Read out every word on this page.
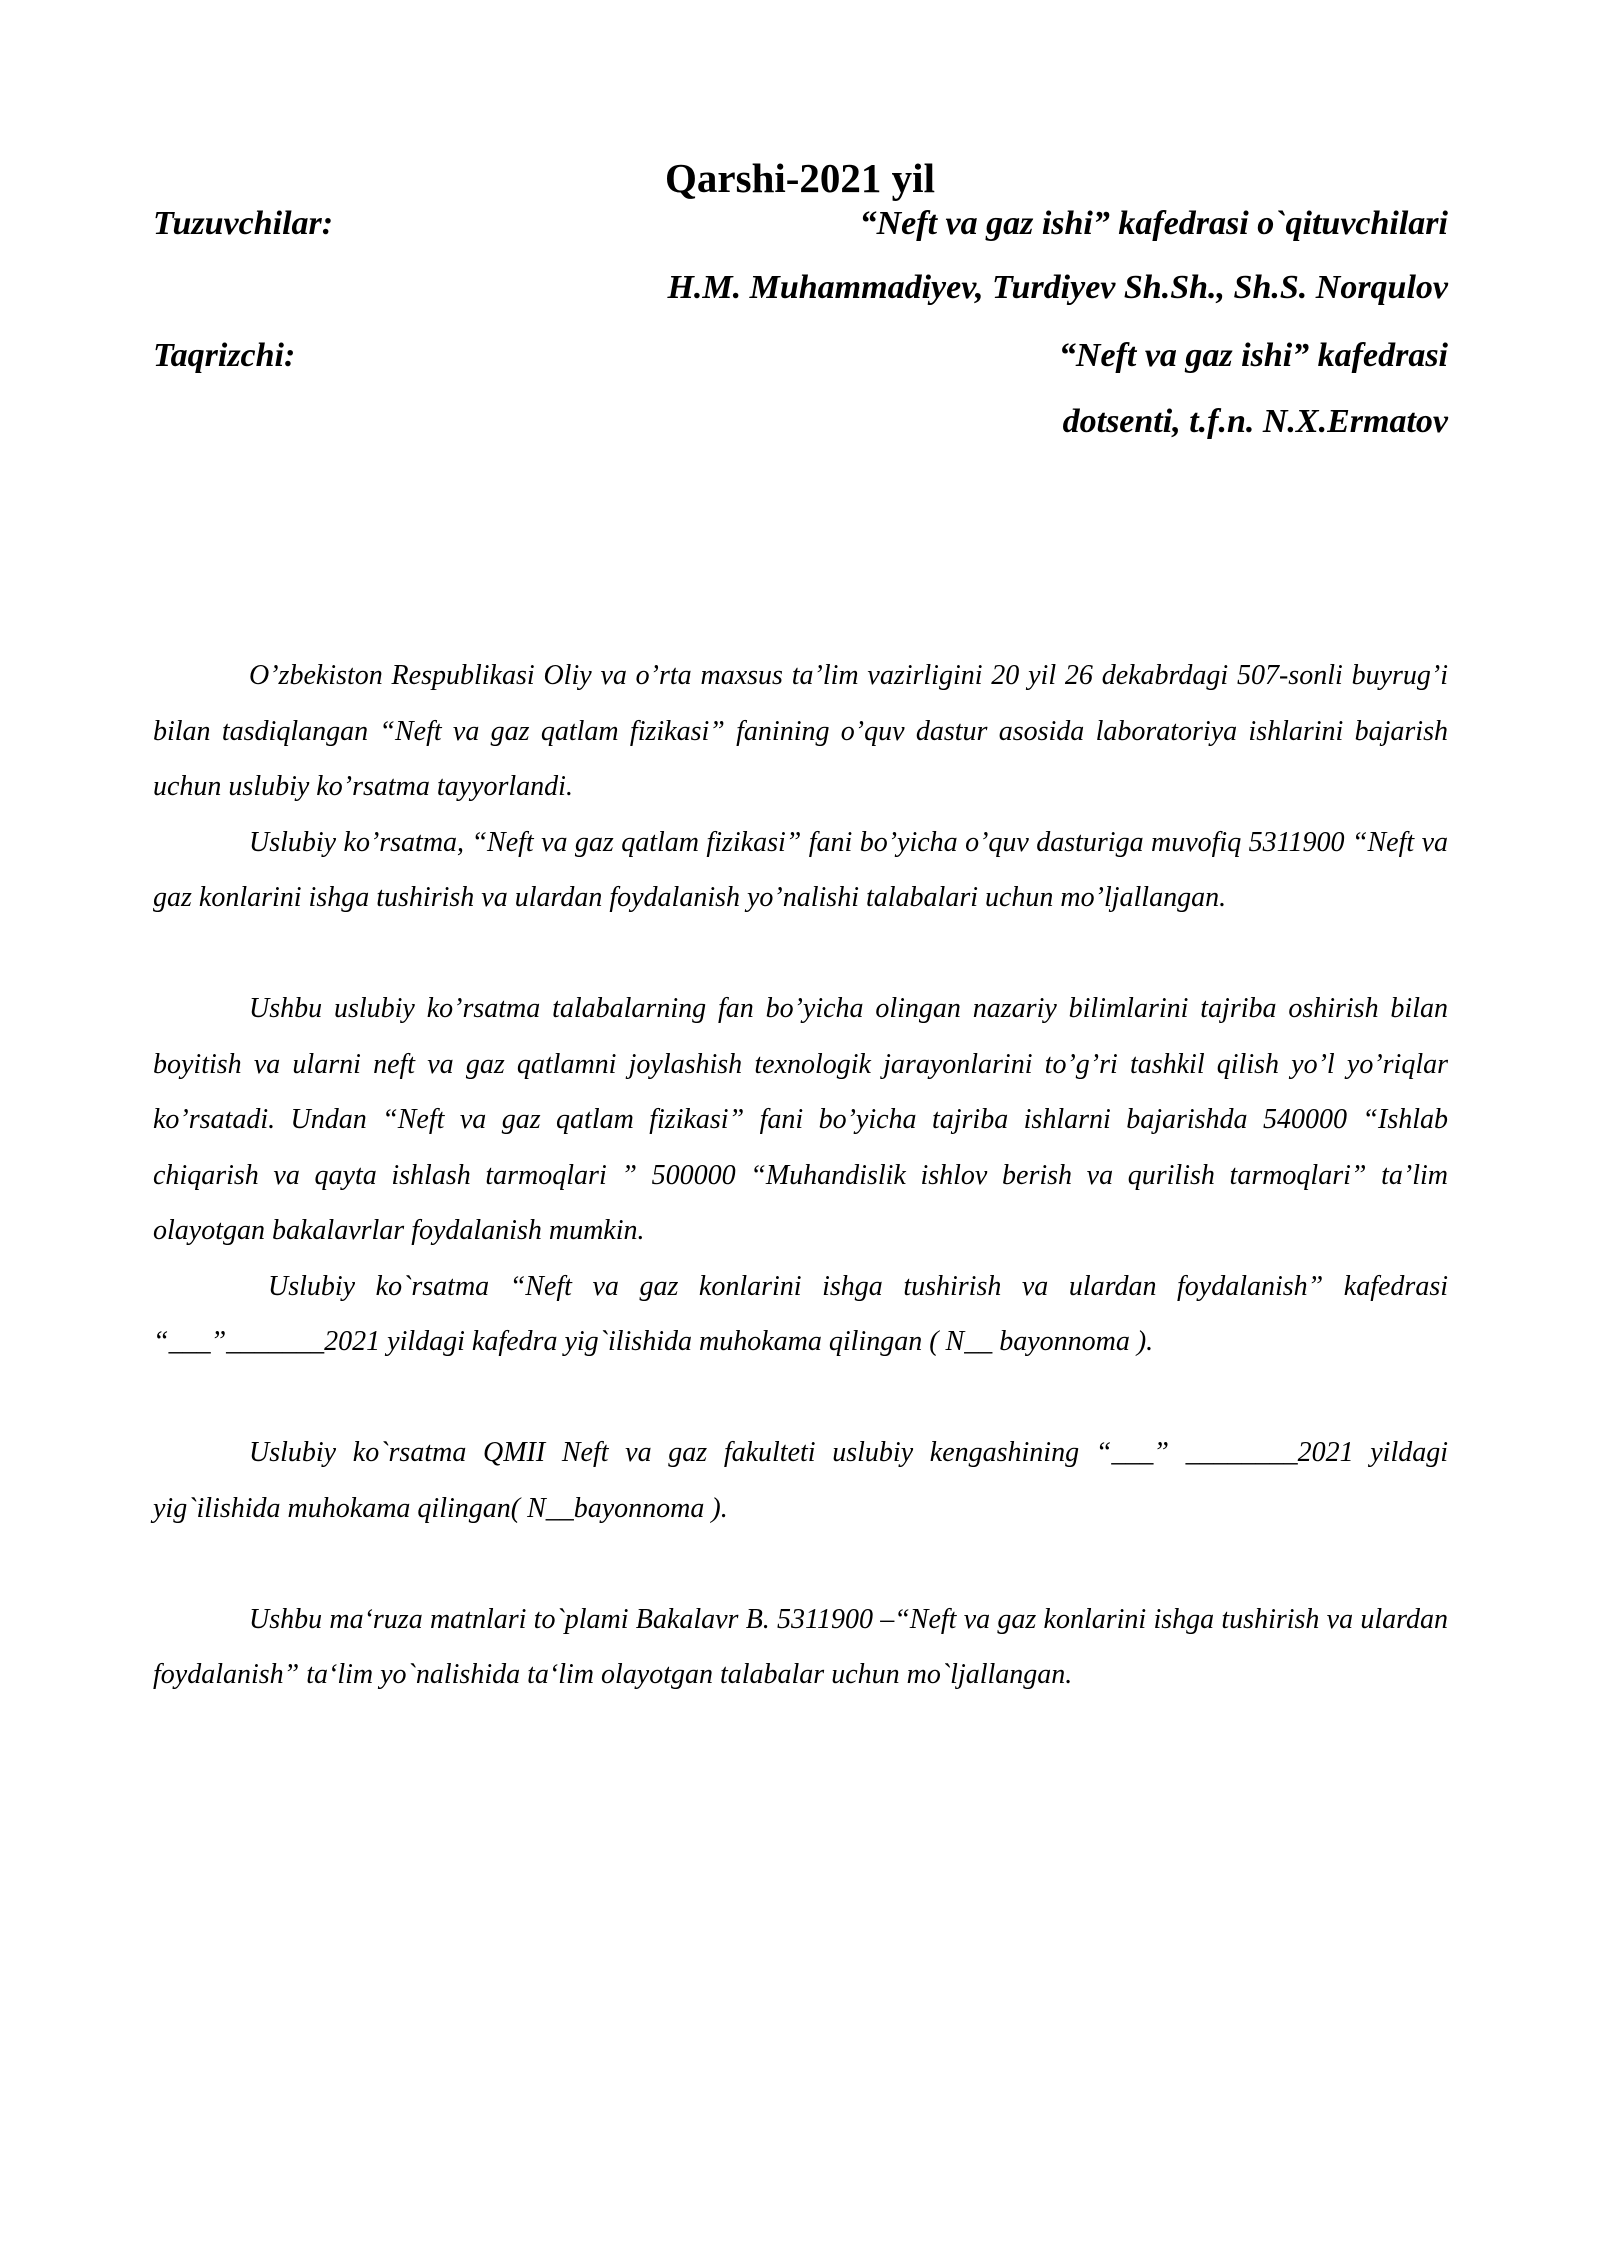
Qarshi-2021 yil
Tuzuvchilar:	“Neft va gaz ishi” kafedrasi o`qituvchilari
H.M. Muhammadiyev, Turdiyev Sh.Sh., Sh.S. Norqulov
Taqrizchi:	“Neft va gaz ishi” kafedrasi
dotsenti, t.f.n. N.X.Ermatov

O’zbekiston Respublikasi Oliy va o’rta maxsus ta’lim vazirligini 20 yil 26 dekabrdagi 507-sonli buyrug’i bilan tasdiqlangan “Neft va gaz qatlam fizikasi” fanining o’quv dastur asosida laboratoriya ishlarini bajarish uchun uslubiy ko’rsatma tayyorlandi.

Uslubiy ko’rsatma, “Neft va gaz qatlam fizikasi” fani bo’yicha o’quv dasturiga muvofiq 5311900 “Neft va gaz konlarini ishga tushirish va ulardan foydalanish yo’nalishi talabalari uchun mo’ljallangan.

Ushbu uslubiy ko’rsatma talabalarning fan bo’yicha olingan nazariy bilimlarini tajriba oshirish bilan boyitish va ularni neft va gaz qatlamni joylashish texnologik jarayonlarini to’g’ri tashkil qilish yo’l yo’riqlar ko’rsatadi. Undan “Neft va gaz qatlam fizikasi” fani bo’yicha tajriba ishlarni bajarishda 540000 “Ishlab chiqarish va qayta ishlash tarmoqlari ” 500000 “Muhandislik ishlov berish va qurilish tarmoqlari” ta’lim olayotgan bakalavrlar foydalanish mumkin.

Uslubiy ko`rsatma “Neft va gaz konlarini ishga tushirish va ulardan foydalanish” kafedrasi “___”_______2021 yildagi kafedra yig`ilishida muhokama qilingan ( N__ bayonnoma ).

Uslubiy ko`rsatma QMII Neft va gaz fakulteti uslubiy kengashining “___” ________2021 yildagi yig`ilishida muhokama qilingan( N__bayonnoma ).

Ushbu ma‘ruza matnlari to`plami Bakalavr B. 5311900 –“Neft va gaz konlarini ishga tushirish va ulardan foydalanish” ta‘lim yo`nalishida ta‘lim olayotgan talabalar uchun mo`ljallangan.
